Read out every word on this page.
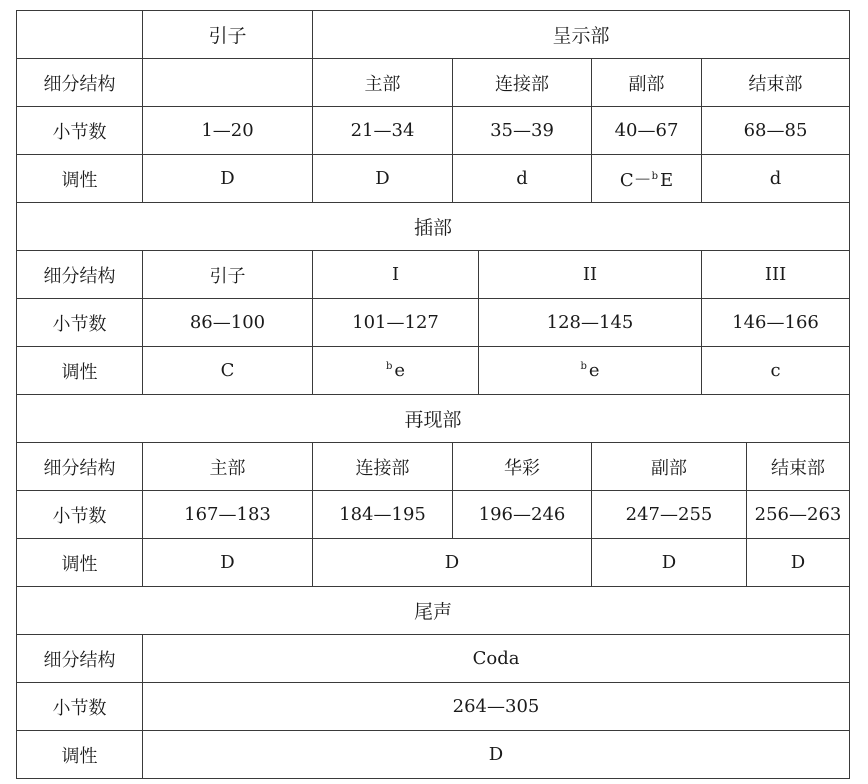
	引子	呈示部					
细分结构		主部	连接部		副部	结束部	
小节数	1—20	21—34	35—39		40—67	68—85	
调性	D	D	d		C－$^b$ E	d	
插部							
细分结构	引子	I		II		III	
小节数	86—100	101—127		128—145		146—166	
调性	C	$^b$ e		$^b$ e		c	
再现部							
细分结构	主部	连接部	华彩		副部		结束部
小节数	167—183	184—195	196—246		247—255		256—263
调性	D	D			D		D
尾声							
细分结构	Coda						
小节数	264—305						
调性	D						
